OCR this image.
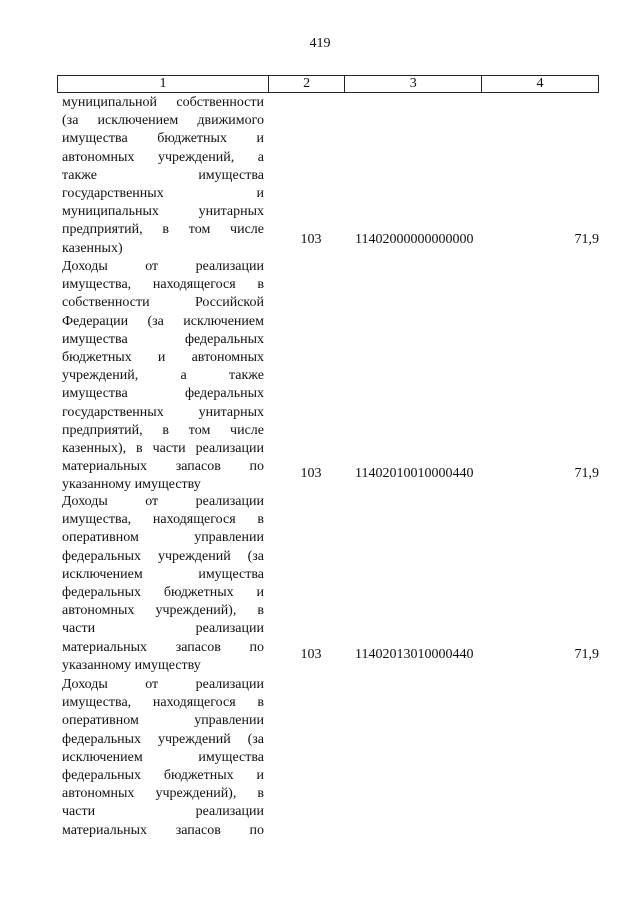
419
1	2	3	4
муниципальной собственности
(за исключением движимого
имущества бюджетных и
автономных учреждений, а
также имущества
государственных и
муниципальных унитарных
предприятий, в том числе
казенных)
103	11402000000000000	71,9
Доходы от реализации
имущества, находящегося в
собственности Российской
Федерации (за исключением
имущества федеральных
бюджетных и автономных
учреждений, а также
имущества федеральных
государственных унитарных
предприятий, в том числе
казенных), в части реализации
материальных запасов по
указанному имуществу
103	11402010010000440	71,9
Доходы от реализации
имущества, находящегося в
оперативном управлении
федеральных учреждений (за
исключением имущества
федеральных бюджетных и
автономных учреждений), в
части реализации
материальных запасов по
указанному имуществу
103	11402013010000440	71,9
Доходы от реализации
имущества, находящегося в
оперативном управлении
федеральных учреждений (за
исключением имущества
федеральных бюджетных и
автономных учреждений), в
части реализации
материальных запасов по
